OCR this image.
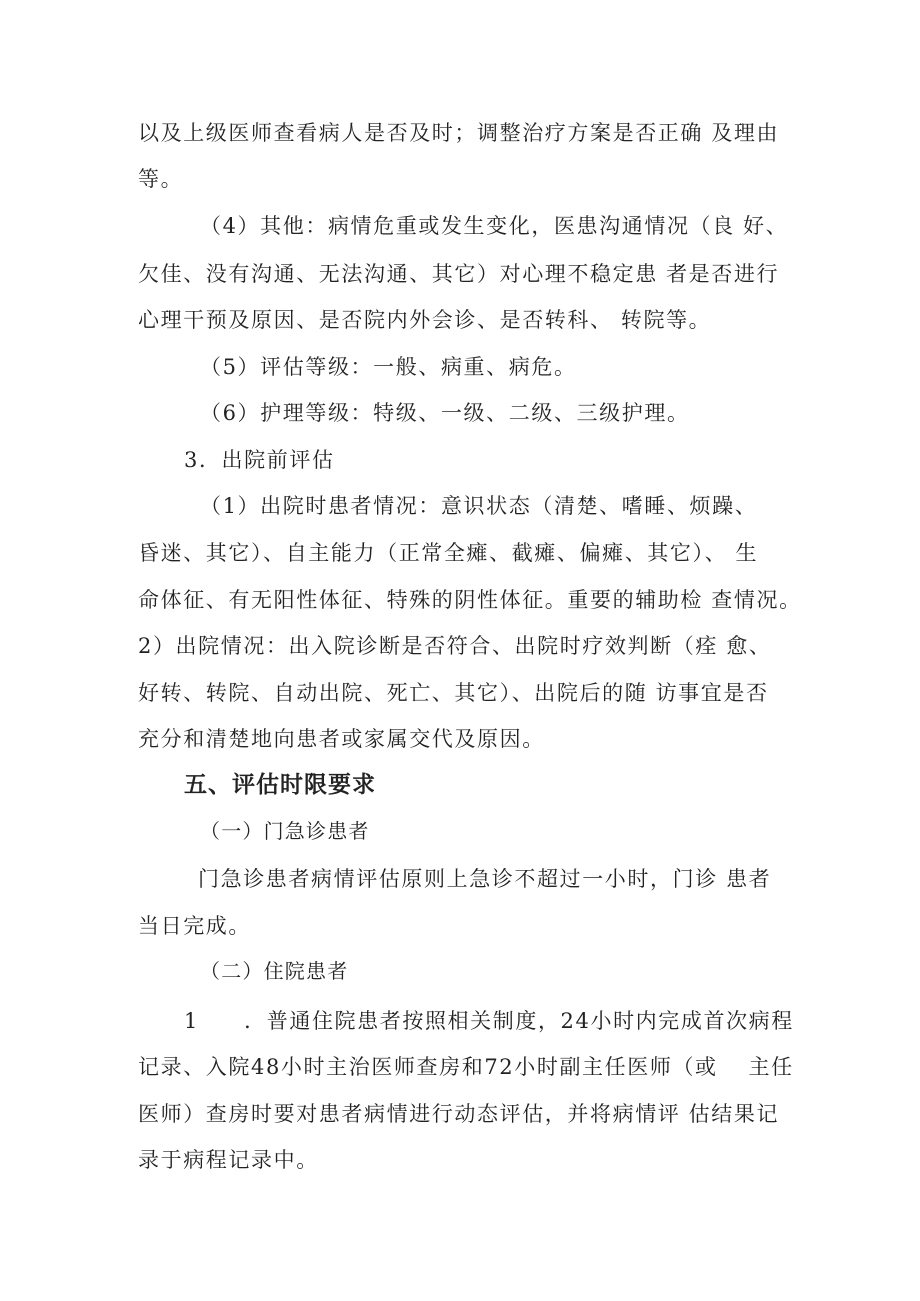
以及上级医师查看病人是否及时；调整治疗方案是否正确 及理由
等。
（4）其他：病情危重或发生变化，医患沟通情况（良 好、
欠佳、没有沟通、无法沟通、其它）对心理不稳定患 者是否进行
心理干预及原因、是否院内外会诊、是否转科、 转院等。
（5）评估等级：一般、病重、病危。
（6）护理等级：特级、一级、二级、三级护理。
3．出院前评估
（1）出院时患者情况：意识状态（清楚、嗜睡、烦躁、
昏迷、其它）、自主能力（正常全瘫、截瘫、偏瘫、其它）、 生
命体征、有无阳性体征、特殊的阴性体征。重要的辅助检 查情况。
2）出院情况：出入院诊断是否符合、出院时疗效判断（痊 愈、
好转、转院、自动出院、死亡、其它）、出院后的随 访事宜是否
充分和清楚地向患者或家属交代及原因。
五、评估时限要求
（一）门急诊患者
门急诊患者病情评估原则上急诊不超过一小时，门诊 患者
当日完成。
（二）住院患者
1　　．普通住院患者按照相关制度，24小时内完成首次病程
记录、入院48小时主治医师查房和72小时副主任医师（或　 主任
医师）查房时要对患者病情进行动态评估，并将病情评 估结果记
录于病程记录中。
